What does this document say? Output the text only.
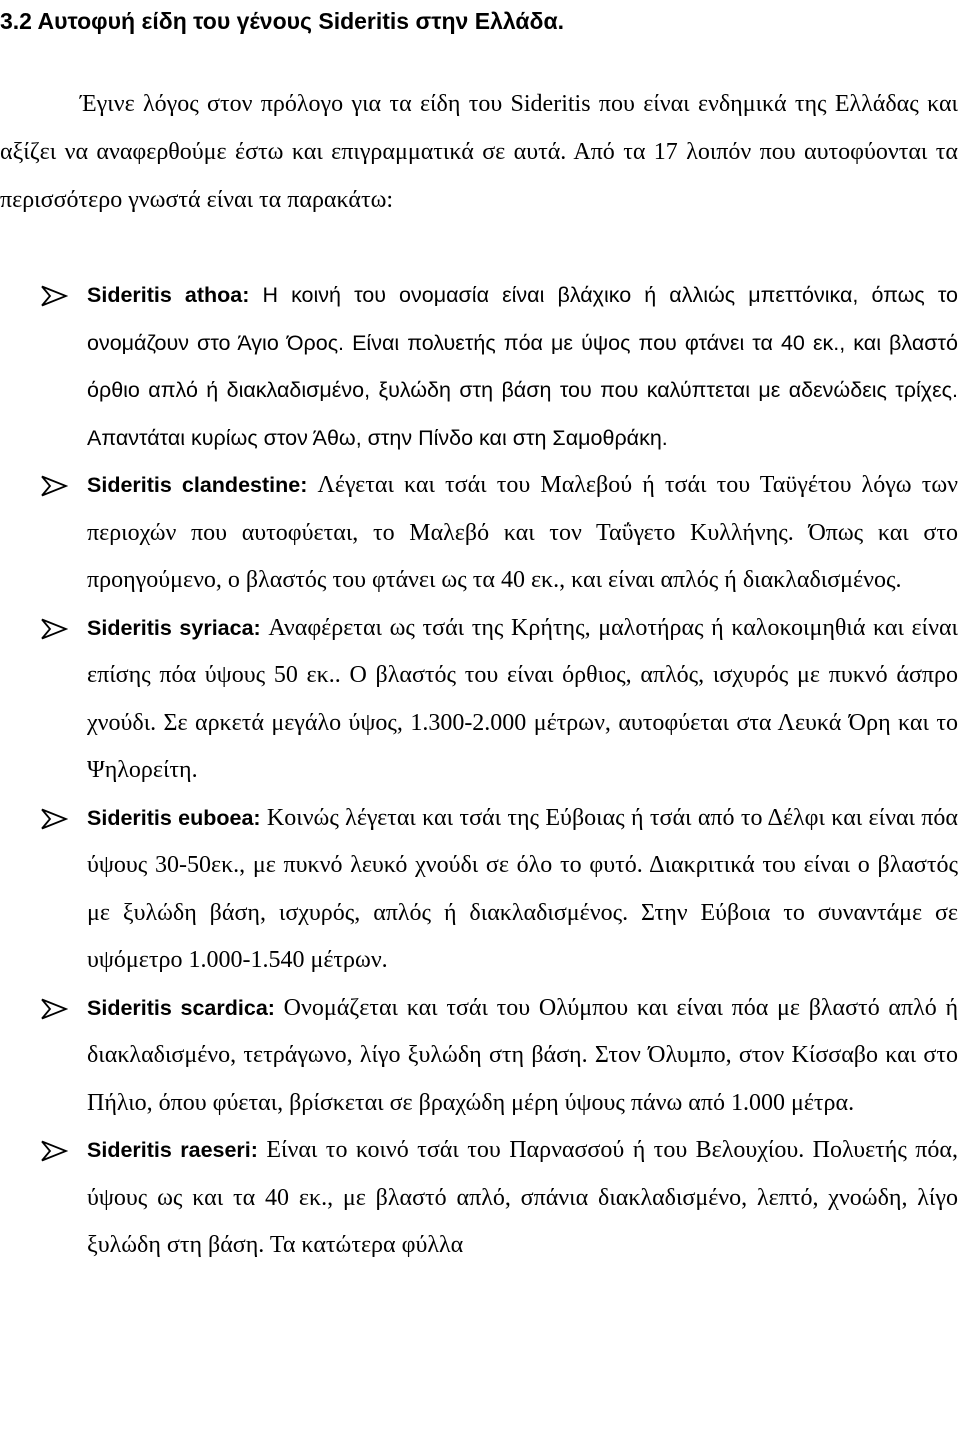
3.2 Αυτοφυή είδη του γένους Sideritis στην Ελλάδα.
Έγινε λόγος στον πρόλογο για τα είδη του Sideritis που είναι ενδημικά της Ελλάδας και αξίζει να αναφερθούμε έστω και επιγραμματικά σε αυτά. Από τα 17 λοιπόν που αυτοφύονται τα περισσότερο γνωστά είναι τα παρακάτω:
Sideritis athoa: Η κοινή του ονομασία είναι βλάχικο ή αλλιώς μπεττόνικα, όπως το ονομάζουν στο Άγιο Όρος. Είναι πολυετής πόα με ύψος που φτάνει τα 40 εκ., και βλαστό όρθιο απλό ή διακλαδισμένο, ξυλώδη στη βάση του που καλύπτεται με αδενώδεις τρίχες. Απαντάται κυρίως στον Άθω, στην Πίνδο και στη Σαμοθράκη.
Sideritis clandestine: Λέγεται και τσάι του Μαλεβού ή τσάι του Ταϋγέτου λόγω των περιοχών που αυτοφύεται, το Μαλεβό και τον Ταΰγετο Κυλλήνης. Όπως και στο προηγούμενο, ο βλαστός του φτάνει ως τα 40 εκ., και είναι απλός ή διακλαδισμένος.
Sideritis syriaca: Αναφέρεται ως τσάι της Κρήτης, μαλοτήρας ή καλοκοιμηθιά και είναι επίσης πόα ύψους 50 εκ.. Ο βλαστός του είναι όρθιος, απλός, ισχυρός με πυκνό άσπρο χνούδι. Σε αρκετά μεγάλο ύψος, 1.300-2.000 μέτρων, αυτοφύεται στα Λευκά Όρη και το Ψηλορείτη.
Sideritis euboea: Κοινώς λέγεται και τσάι της Εύβοιας ή τσάι από το Δέλφι και είναι πόα ύψους 30-50εκ., με πυκνό λευκό χνούδι σε όλο το φυτό. Διακριτικά του είναι ο βλαστός με ξυλώδη βάση, ισχυρός, απλός ή διακλαδισμένος. Στην Εύβοια το συναντάμε σε υψόμετρο 1.000-1.540 μέτρων.
Sideritis scardica: Ονομάζεται και τσάι του Ολύμπου και είναι πόα με βλαστό απλό ή διακλαδισμένο, τετράγωνο, λίγο ξυλώδη στη βάση. Στον Όλυμπο, στον Κίσσαβο και στο Πήλιο, όπου φύεται, βρίσκεται σε βραχώδη μέρη ύψους πάνω από 1.000 μέτρα.
Sideritis raeseri: Είναι το κοινό τσάι του Παρνασσού ή του Βελουχίου. Πολυετής πόα, ύψους ως και τα 40 εκ., με βλαστό απλό, σπάνια διακλαδισμένο, λεπτό, χνοώδη, λίγο ξυλώδη στη βάση. Τα κατώτερα φύλλα
